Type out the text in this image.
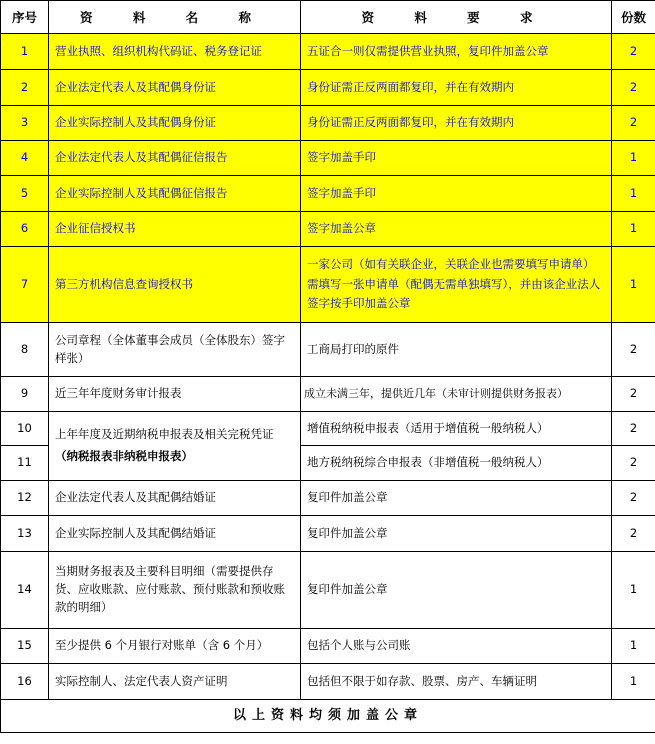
序号	资 料 名 称	资 料 要 求	份数
1	营业执照、组织机构代码证、税务登记证	五证合一则仅需提供营业执照，复印件加盖公章	2
2	企业法定代表人及其配偶身份证	身份证需正反两面都复印，并在有效期内	2
3	企业实际控制人及其配偶身份证	身份证需正反两面都复印，并在有效期内	2
4	企业法定代表人及其配偶征信报告	签字加盖手印	1
5	企业实际控制人及其配偶征信报告	签字加盖手印	1
6	企业征信授权书	签字加盖公章	1
7	第三方机构信息查询授权书	一家公司（如有关联企业，关联企业也需要填写申请单）需填写一张申请单（配偶无需单独填写），并由该企业法人签字按手印加盖公章	1
8	公司章程（全体董事会成员（全体股东）签字样张）	工商局打印的原件	2
9	近三年年度财务审计报表	成立未满三年，提供近几年（未审计则提供财务报表）	2
10	上年年度及近期纳税申报表及相关完税凭证（纳税报表非纳税申报表）	增值税纳税申报表（适用于增值税一般纳税人）	2
11		地方税纳税综合申报表（非增值税一般纳税人）	2
12	企业法定代表人及其配偶结婚证	复印件加盖公章	2
13	企业实际控制人及其配偶结婚证	复印件加盖公章	2
14	当期财务报表及主要科目明细（需要提供存货、应收账款、应付账款、预付账款和预收账款的明细）	复印件加盖公章	1
15	至少提供 6 个月银行对账单（含 6 个月）	包括个人账与公司账	1
16	实际控制人、法定代表人资产证明	包括但不限于如存款、股票、房产、车辆证明	1
以上资料均须加盖公章			
